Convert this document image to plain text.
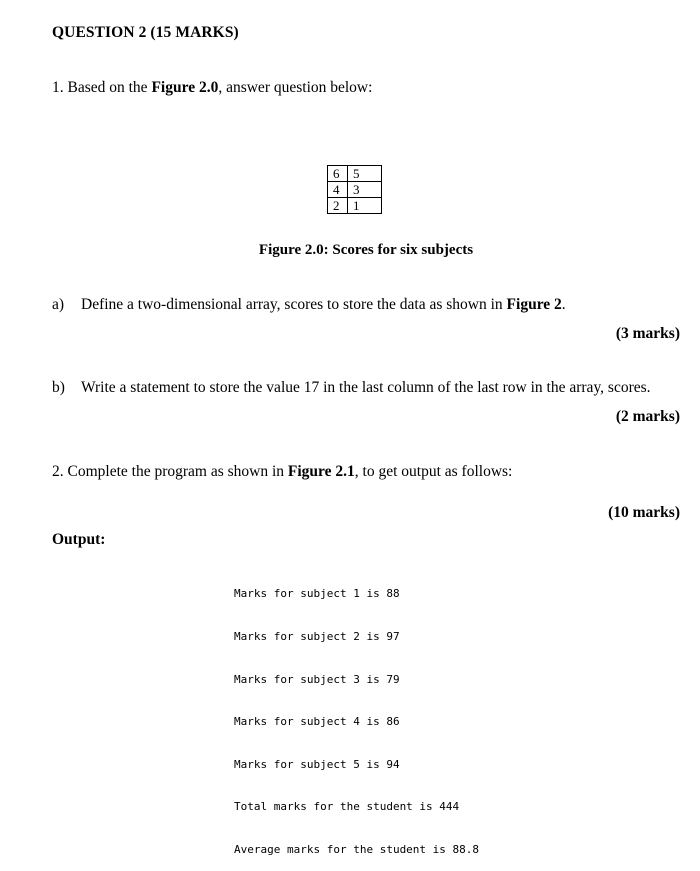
QUESTION 2 (15 MARKS)
1. Based on the Figure 2.0, answer question below:
6	5
4	3
2	1
Figure 2.0: Scores for six subjects
a) Define a two-dimensional array, scores to store the data as shown in Figure 2.
(3 marks)
b) Write a statement to store the value 17 in the last column of the last row in the array, scores.
(2 marks)
2. Complete the program as shown in Figure 2.1, to get output as follows:
(10 marks)
Output:

Marks for subject 1 is 88

Marks for subject 2 is 97

Marks for subject 3 is 79

Marks for subject 4 is 86

Marks for subject 5 is 94

Total marks for the student is 444

Average marks for the student is 88.8
